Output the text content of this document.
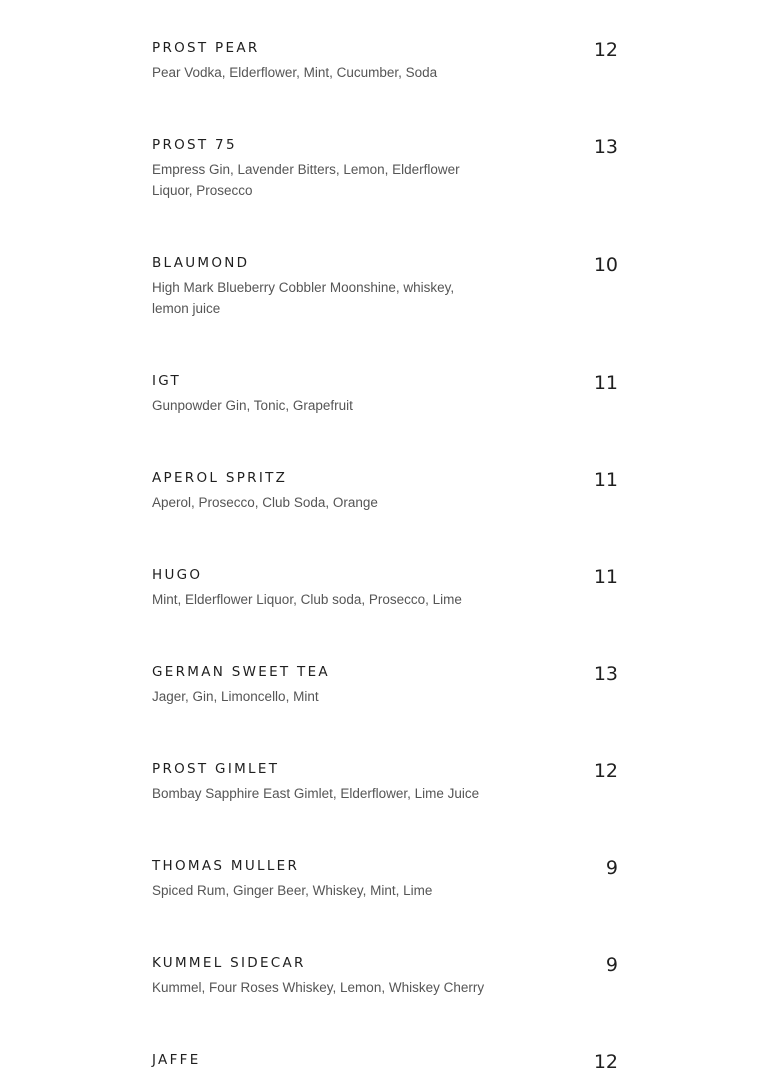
PROST PEAR	12
Pear Vodka, Elderflower, Mint, Cucumber, Soda
PROST 75	13
Empress Gin, Lavender Bitters, Lemon, Elderflower Liquor, Prosecco
BLAUMOND	10
High Mark Blueberry Cobbler Moonshine, whiskey, lemon juice
IGT	11
Gunpowder Gin, Tonic, Grapefruit
APEROL SPRITZ	11
Aperol, Prosecco, Club Soda, Orange
HUGO	11
Mint, Elderflower Liquor, Club soda, Prosecco, Lime
GERMAN SWEET TEA	13
Jager, Gin, Limoncello, Mint
PROST GIMLET	12
Bombay Sapphire East Gimlet, Elderflower, Lime Juice
THOMAS MULLER	9
Spiced Rum, Ginger Beer, Whiskey, Mint, Lime
KUMMEL SIDECAR	9
Kummel, Four Roses Whiskey, Lemon, Whiskey Cherry
JAFFE	12
